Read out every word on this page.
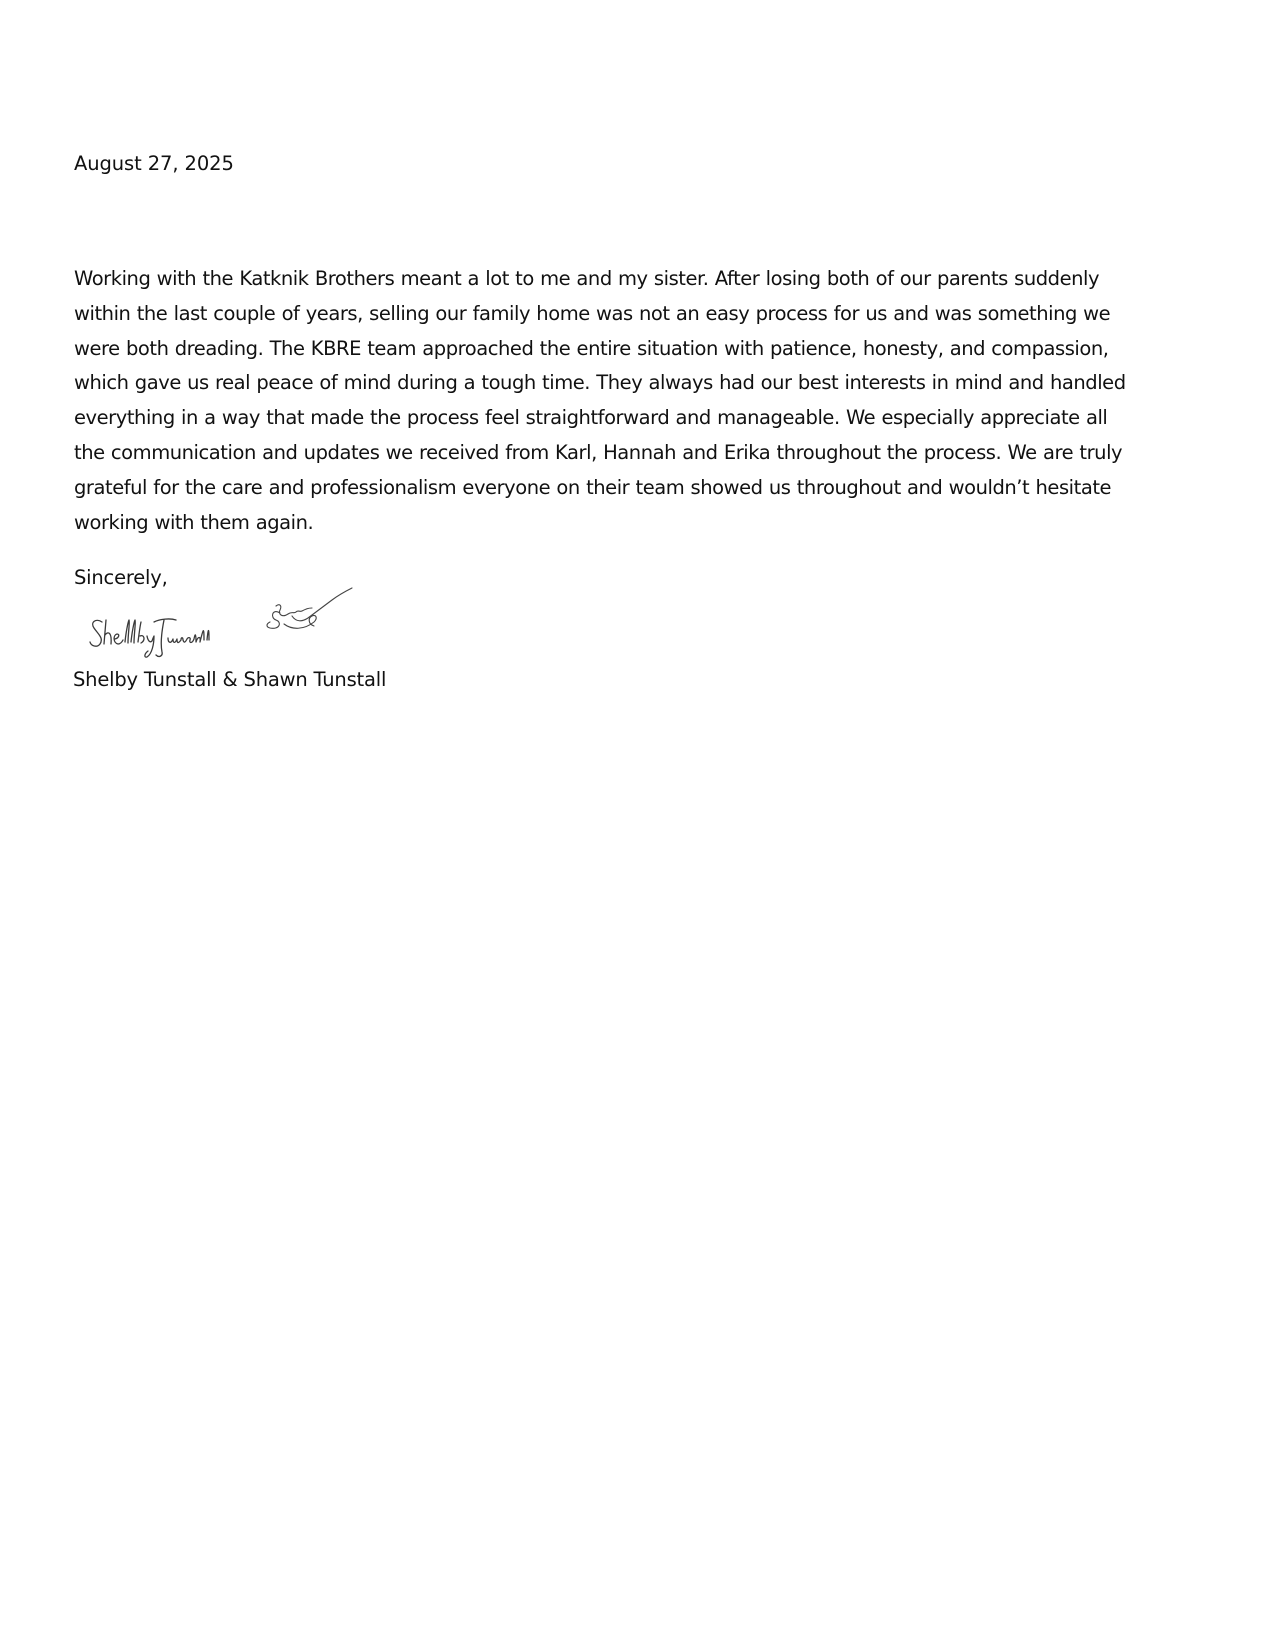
August 27, 2025
Working with the Katknik Brothers meant a lot to me and my sister. After losing both of our parents suddenly
within the last couple of years, selling our family home was not an easy process for us and was something we
were both dreading. The KBRE team approached the entire situation with patience, honesty, and compassion,
which gave us real peace of mind during a tough time. They always had our best interests in mind and handled
everything in a way that made the process feel straightforward and manageable. We especially appreciate all
the communication and updates we received from Karl, Hannah and Erika throughout the process. We are truly
grateful for the care and professionalism everyone on their team showed us throughout and wouldn’t hesitate
working with them again.
Sincerely,
Shelby Tunstall & Shawn Tunstall
